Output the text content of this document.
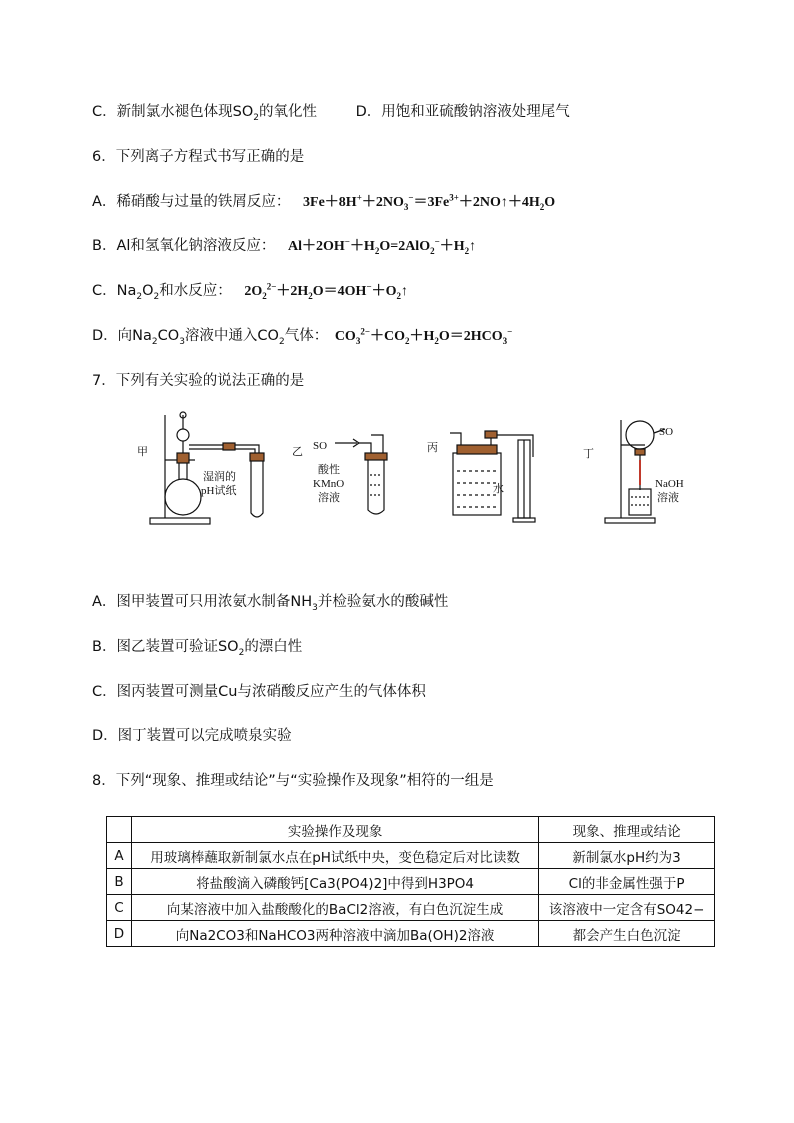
C．新制氯水褪色体现$SO_2$的氧化性	D．用饱和亚硫酸钠溶液处理尾气
6．下列离子方程式书写正确的是
A．稀硝酸与过量的铁屑反应： $3Fe+8H^++2NO_3^-=3Fe^{3+}+2NO↑+4H_2O$
B．Al和氢氧化钠溶液反应： $Al+2OH^-+H_2O=2AlO_2^-+H_2↑$
C．$Na_2O_2$和水反应： $2O_2^{2-}+2H_2O=4OH^-+O_2↑$
D．向$Na_2CO_3$溶液中通入$CO_2$气体： $CO_3^{2-}+CO_2+H_2O=2HCO_3^-$
7．下列有关实验的说法正确的是
甲
湿润的
pH试纸
乙 SO
酸性
KMnO
溶液
丙
水
丁
SO
NaOH
溶液
A．图甲装置可只用浓氨水制备$NH_3$并检验氨水的酸碱性
B．图乙装置可验证$SO_2$的漂白性
C．图丙装置可测量Cu与浓硝酸反应产生的气体体积
D．图丁装置可以完成喷泉实验
8．下列“现象、推理或结论”与“实验操作及现象”相符的一组是
	实验操作及现象	现象、推理或结论
A	用玻璃棒蘸取新制氯水点在pH试纸中央，变色稳定后对比读数	新制氯水pH约为3
B	将盐酸滴入磷酸钙[Ca3(PO4)2]中得到H3PO4	Cl的非金属性强于P
C	向某溶液中加入盐酸酸化的BaCl2溶液，有白色沉淀生成	该溶液中一定含有SO42−
D	向Na2CO3和NaHCO3两种溶液中滴加Ba(OH)2溶液	都会产生白色沉淀
